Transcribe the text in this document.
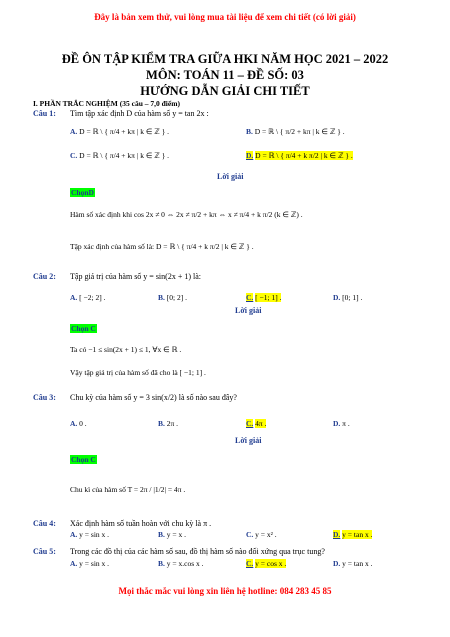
Đây là bản xem thử, vui lòng mua tài liệu để xem chi tiết (có lời giải)
ĐỀ ÔN TẬP KIỂM TRA GIỮA HKI NĂM HỌC 2021 – 2022
MÔN: TOÁN 11 – ĐỀ SỐ: 03
HƯỚNG DẪN GIẢI CHI TIẾT
I. PHẦN TRẮC NGHIỆM (35 câu – 7,0 điểm)
Câu 1: Tìm tập xác định D của hàm số y = tan 2x :
A. D = ℝ \ { π/4 + kπ | k ∈ ℤ } .	B. D = ℝ \ { π/2 + kπ | k ∈ ℤ } .
C. D = ℝ \ { π/4 + kπ | k ∈ ℤ } .	D. D = ℝ \ { π/4 + k π/2 | k ∈ ℤ } .
Lời giải
ChọnD
Hàm số xác định khi cos 2x ≠ 0 ⇔ 2x ≠ π/2 + kπ ⇔ x ≠ π/4 + k π/2 (k ∈ ℤ) .
Tập xác định của hàm số là: D = ℝ \ { π/4 + k π/2 | k ∈ ℤ } .
Câu 2: Tập giá trị của hàm số y = sin(2x + 1) là:
A. [ −2; 2] .	B. [0; 2] .	C. [ −1; 1] .	D. [0; 1] .
Lời giải
Chọn C
Ta có −1 ≤ sin(2x + 1) ≤ 1, ∀x ∈ ℝ .
Vậy tập giá trị của hàm số đã cho là [ −1; 1] .
Câu 3: Chu kỳ của hàm số y = 3 sin(x/2) là số nào sau đây?
A. 0 .	B. 2π .	C. 4π .	D. π .
Lời giải
Chọn C
Chu kì của hàm số T = 2π / |1/2| = 4π .
Câu 4: Xác định hàm số tuần hoàn với chu kỳ là π .
A. y = sin x .	B. y = x .	C. y = x² .	D. y = tan x .
Câu 5: Trong các đồ thị của các hàm số sau, đồ thị hàm số nào đối xứng qua trục tung?
A. y = sin x .	B. y = x.cos x .	C. y = cos x .	D. y = tan x .
Mọi thắc mắc vui lòng xin liên hệ hotline: 084 283 45 85
